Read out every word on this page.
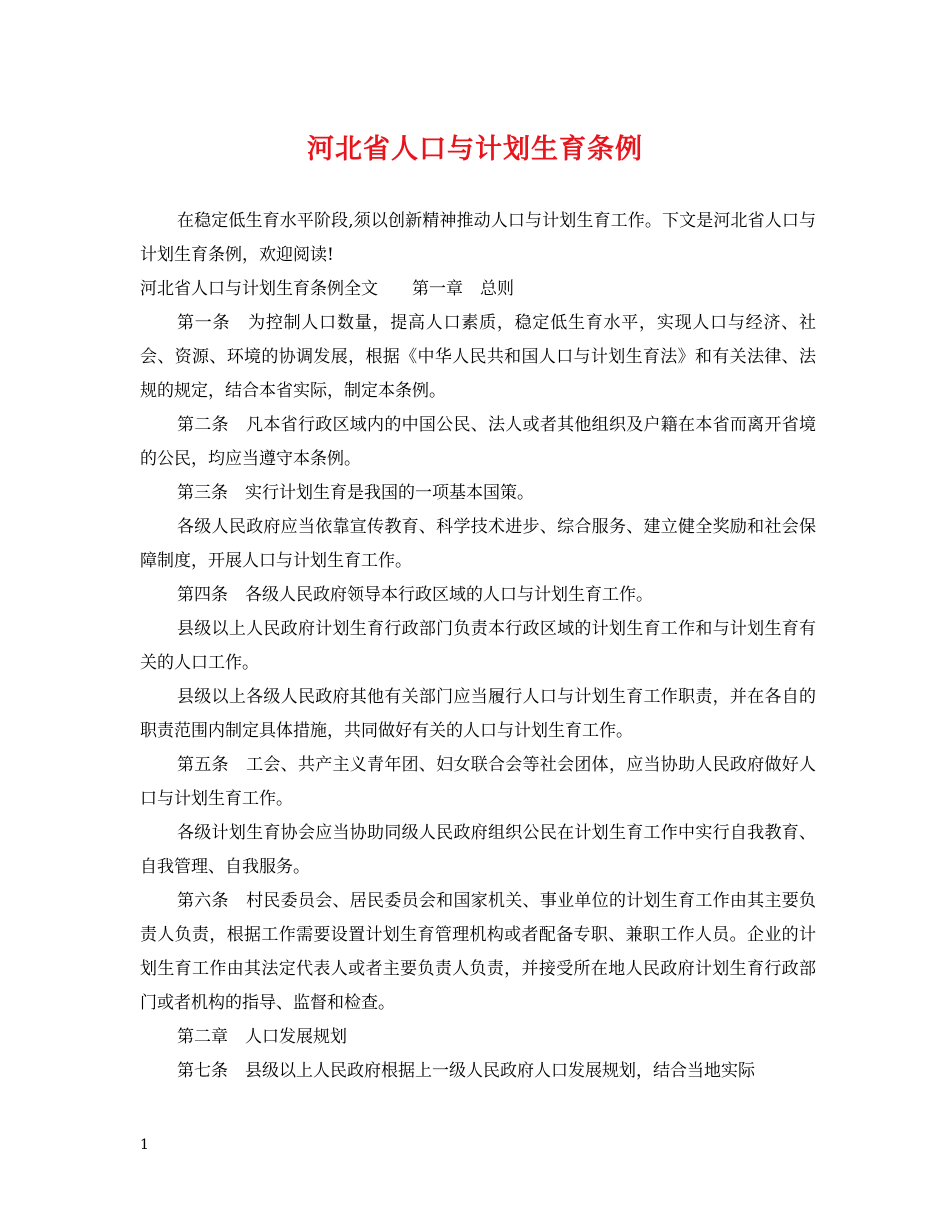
河北省人口与计划生育条例

在稳定低生育水平阶段,须以创新精神推动人口与计划生育工作。下文是河北省人口与计划生育条例，欢迎阅读!

河北省人口与计划生育条例全文　　第一章　总则

第一条　为控制人口数量，提高人口素质，稳定低生育水平，实现人口与经济、社会、资源、环境的协调发展，根据《中华人民共和国人口与计划生育法》和有关法律、法规的规定，结合本省实际，制定本条例。

第二条　凡本省行政区域内的中国公民、法人或者其他组织及户籍在本省而离开省境的公民，均应当遵守本条例。

第三条　实行计划生育是我国的一项基本国策。

各级人民政府应当依靠宣传教育、科学技术进步、综合服务、建立健全奖励和社会保障制度，开展人口与计划生育工作。

第四条　各级人民政府领导本行政区域的人口与计划生育工作。

县级以上人民政府计划生育行政部门负责本行政区域的计划生育工作和与计划生育有关的人口工作。

县级以上各级人民政府其他有关部门应当履行人口与计划生育工作职责，并在各自的职责范围内制定具体措施，共同做好有关的人口与计划生育工作。

第五条　工会、共产主义青年团、妇女联合会等社会团体，应当协助人民政府做好人口与计划生育工作。

各级计划生育协会应当协助同级人民政府组织公民在计划生育工作中实行自我教育、自我管理、自我服务。

第六条　村民委员会、居民委员会和国家机关、事业单位的计划生育工作由其主要负责人负责，根据工作需要设置计划生育管理机构或者配备专职、兼职工作人员。企业的计划生育工作由其法定代表人或者主要负责人负责，并接受所在地人民政府计划生育行政部门或者机构的指导、监督和检查。

第二章　人口发展规划

第七条　县级以上人民政府根据上一级人民政府人口发展规划，结合当地实际

1
